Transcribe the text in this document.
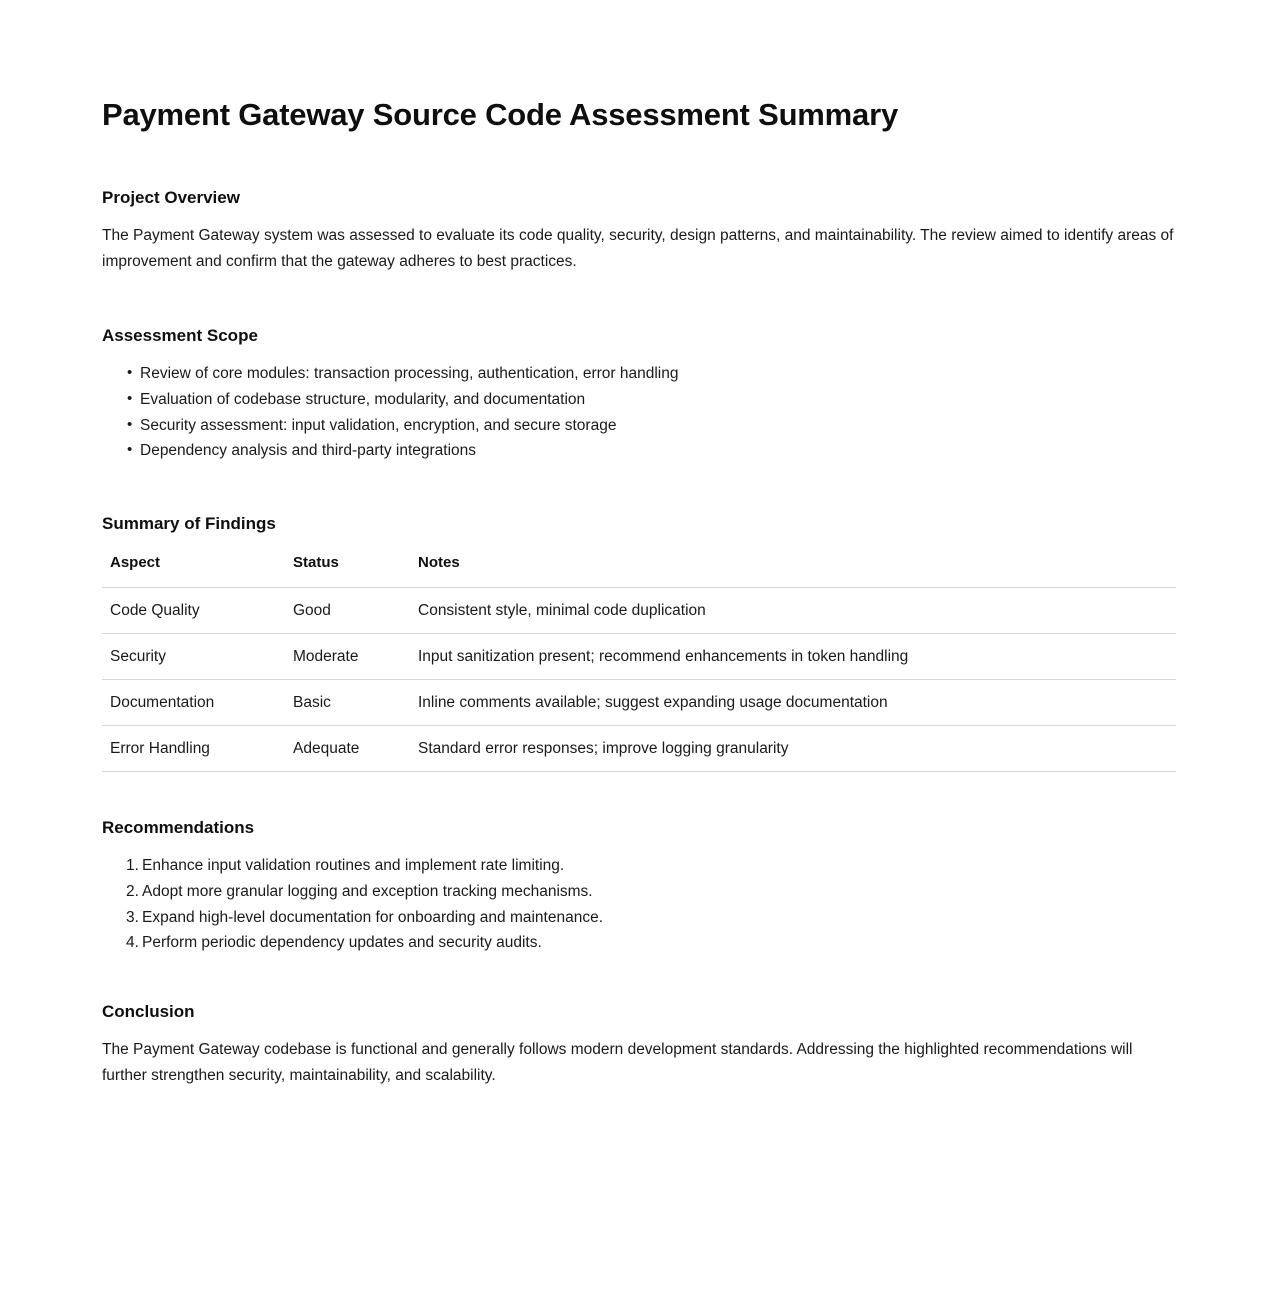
Payment Gateway Source Code Assessment Summary
Project Overview

The Payment Gateway system was assessed to evaluate its code quality, security, design patterns, and maintainability. The review aimed to identify areas of improvement and confirm that the gateway adheres to best practices.

Assessment Scope
• Review of core modules: transaction processing, authentication, error handling
• Evaluation of codebase structure, modularity, and documentation
• Security assessment: input validation, encryption, and secure storage
• Dependency analysis and third-party integrations
Summary of Findings
Aspect	Status	Notes
Code Quality	Good	Consistent style, minimal code duplication
Security	Moderate	Input sanitization present; recommend enhancements in token handling
Documentation	Basic	Inline comments available; suggest expanding usage documentation
Error Handling	Adequate	Standard error responses; improve logging granularity
Recommendations
Enhance input validation routines and implement rate limiting.
Adopt more granular logging and exception tracking mechanisms.
Expand high-level documentation for onboarding and maintenance.
Perform periodic dependency updates and security audits.
Conclusion

The Payment Gateway codebase is functional and generally follows modern development standards. Addressing the highlighted recommendations will further strengthen security, maintainability, and scalability.
